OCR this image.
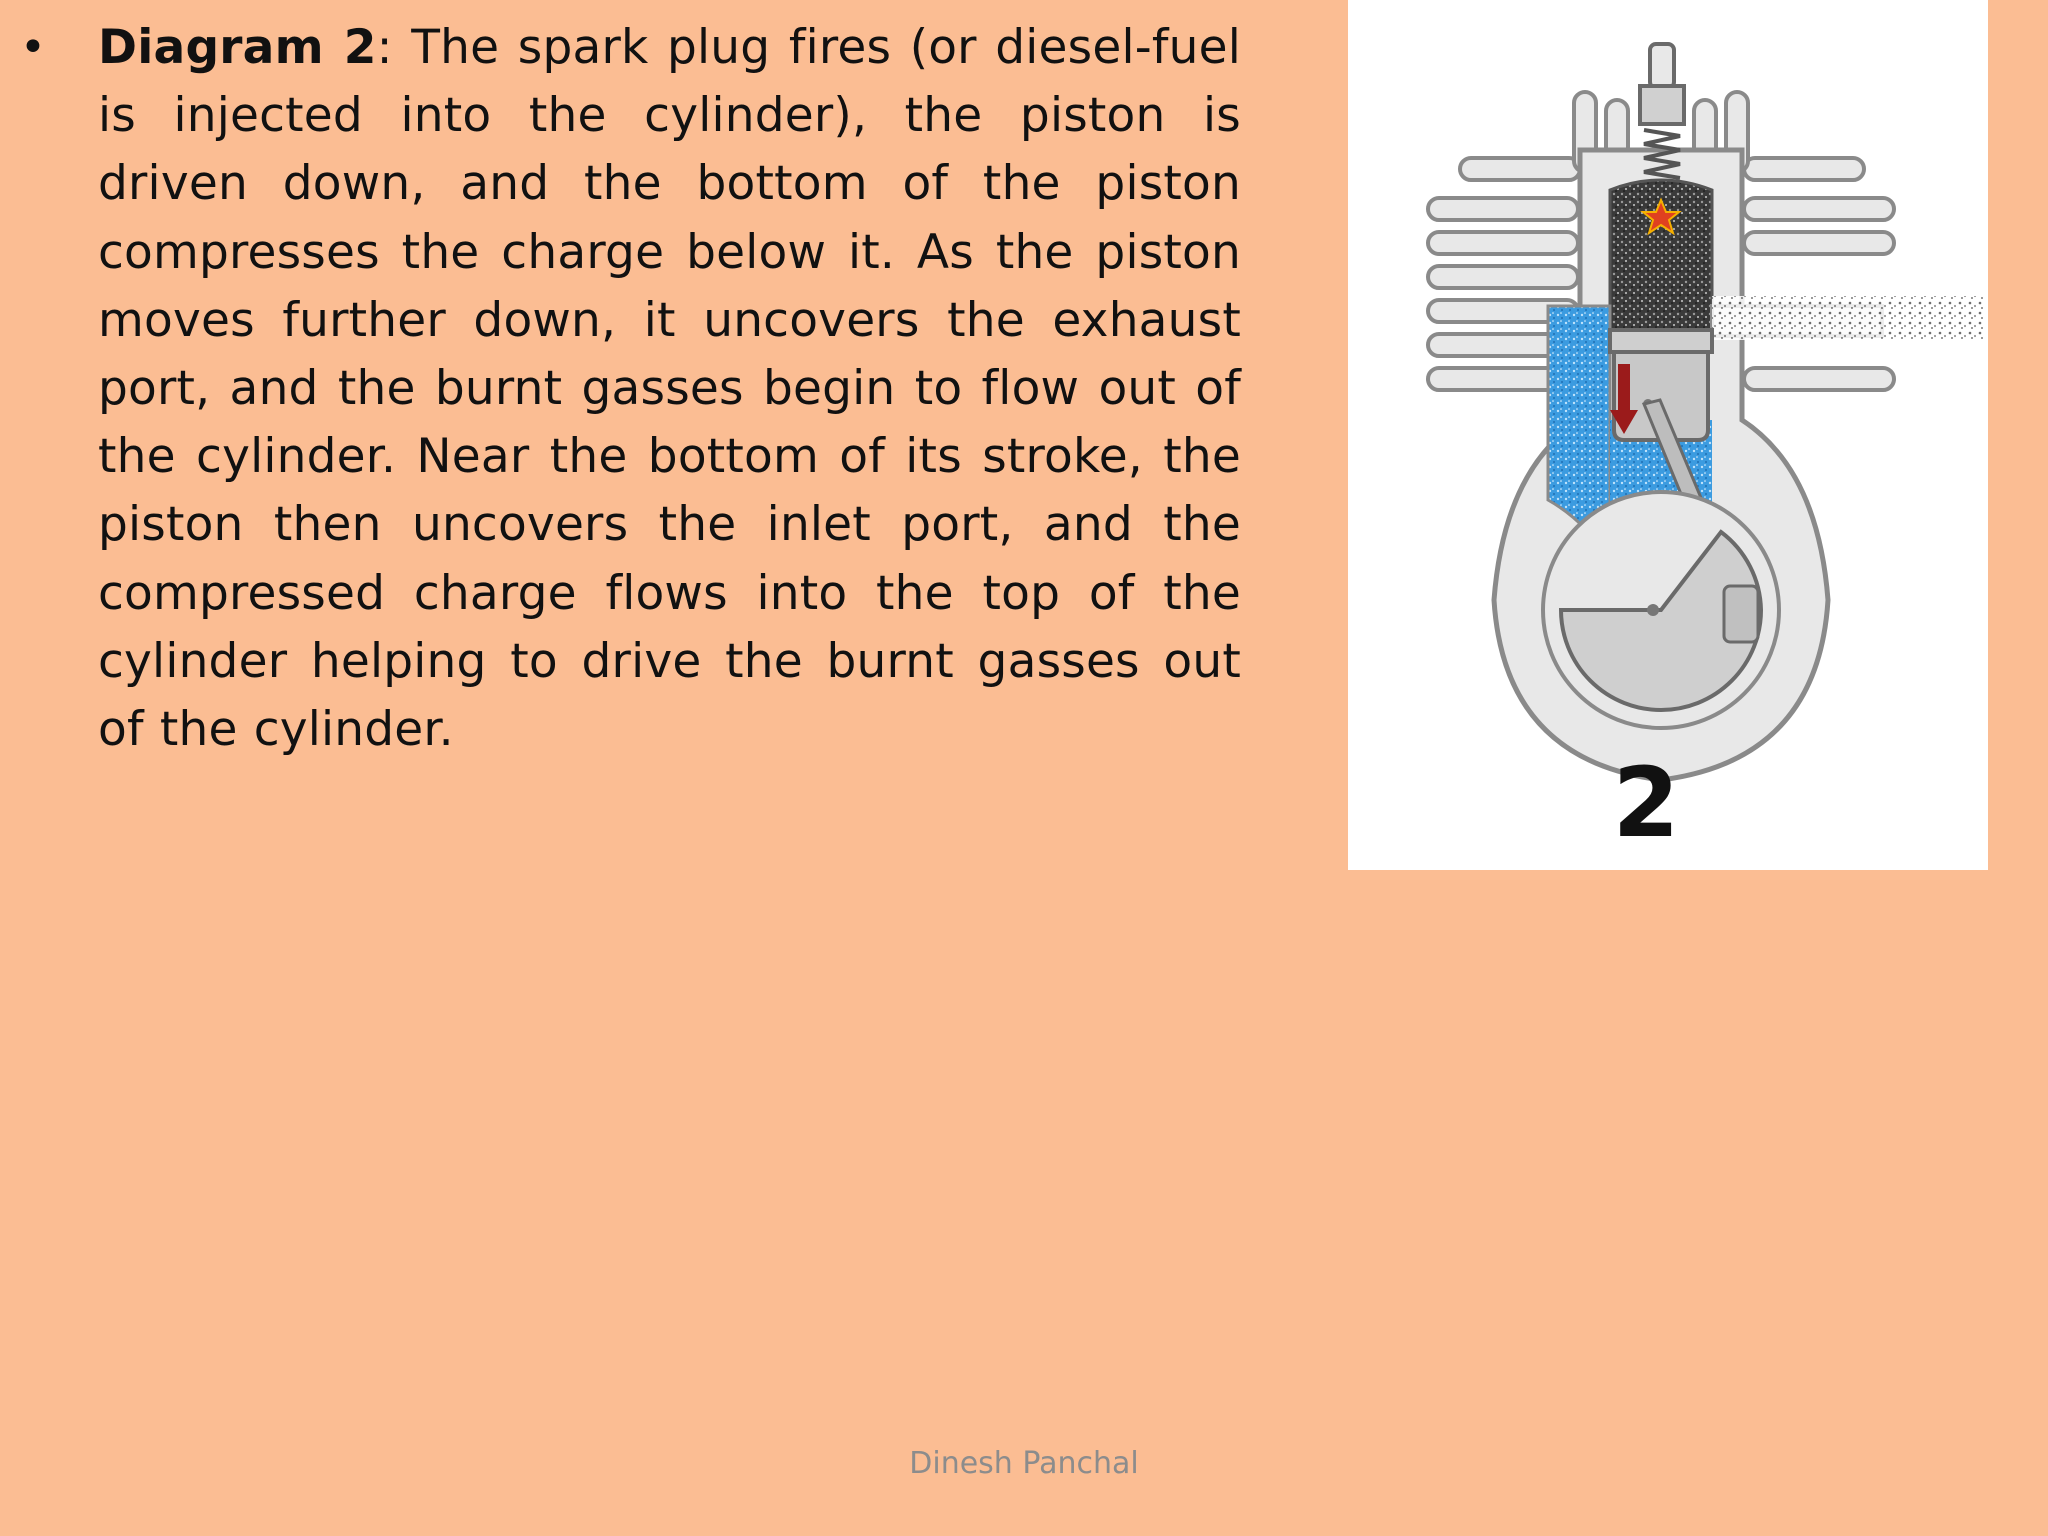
• Diagram 2: The spark plug fires (or diesel-fuel is injected into the cylinder), the piston is driven down, and the bottom of the piston compresses the charge below it. As the piston moves further down, it uncovers the exhaust port, and the burnt gasses begin to flow out of the cylinder. Near the bottom of its stroke, the piston then uncovers the inlet port, and the compressed charge flows into the top of the cylinder helping to drive the burnt gasses out of the cylinder.
2
Dinesh Panchal
